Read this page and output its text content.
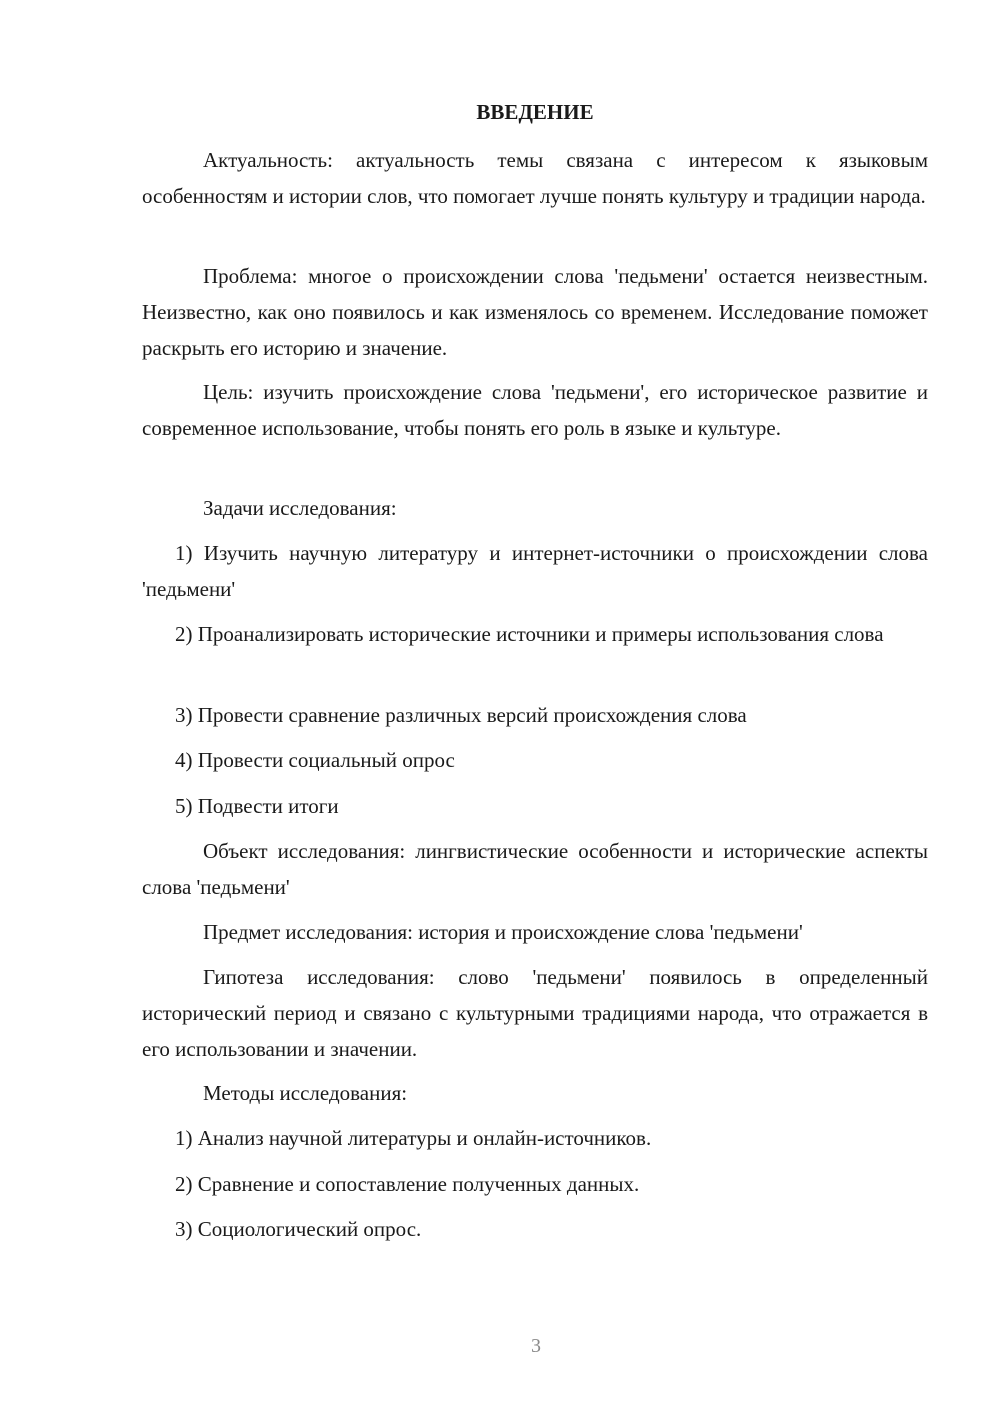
ВВЕДЕНИЕ
Актуальность: актуальность темы связана с интересом к языковым особенностям и истории слов, что помогает лучше понять культуру и традиции народа.
Проблема: многое о происхождении слова 'педьмени' остается неизвестным. Неизвестно, как оно появилось и как изменялось со временем. Исследование поможет раскрыть его историю и значение.
Цель: изучить происхождение слова 'педьмени', его историческое развитие и современное использование, чтобы понять его роль в языке и культуре.
Задачи исследования:
1) Изучить научную литературу и интернет-источники о происхождении слова 'педьмени'
2) Проанализировать исторические источники и примеры использования слова
3) Провести сравнение различных версий происхождения слова
4) Провести социальный опрос
5) Подвести итоги
Объект исследования: лингвистические особенности и исторические аспекты слова 'педьмени'
Предмет исследования: история и происхождение слова 'педьмени'
Гипотеза исследования: слово 'педьмени' появилось в определенный исторический период и связано с культурными традициями народа, что отражается в его использовании и значении.
Методы исследования:
1) Анализ научной литературы и онлайн-источников.
2) Сравнение и сопоставление полученных данных.
3) Социологический опрос.
3
